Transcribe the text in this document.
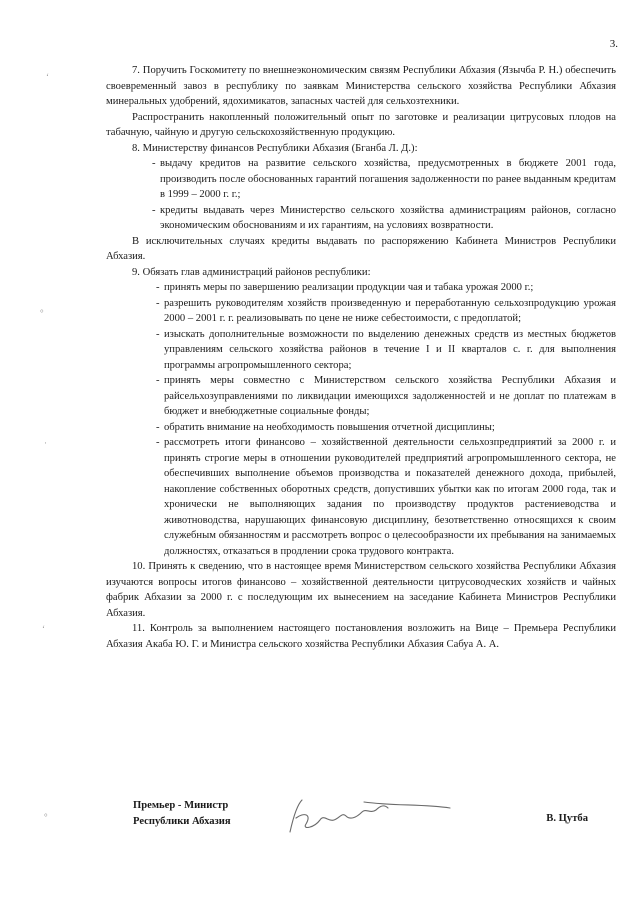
3.
‘
°
·
‘
°

7. Поручить Госкомитету по внешнеэкономическим связям Республики Абхазия (Язычба Р. Н.) обеспечить своевременный завоз в республику по заявкам Министерства сельского хозяйства Республики Абхазия минеральных удобрений, ядохимикатов, запасных частей для сельхозтехники.

Распространить накопленный положительный опыт по заготовке и реализации цитрусовых плодов на табачную, чайную и другую сельскохозяйственную продукцию.

8. Министерству финансов Республики Абхазия (Бганба Л. Д.):

- выдачу кредитов на развитие сельского хозяйства, предусмотренных в бюджете 2001 года, производить после обоснованных гарантий погашения задолженности по ранее выданным кредитам в 1999 – 2000 г. г.;
- кредиты выдавать через Министерство сельского хозяйства администрациям районов, согласно экономическим обоснованиям и их гарантиям, на условиях возвратности.

В исключительных случаях кредиты выдавать по распоряжению Кабинета Министров Республики Абхазия.

9. Обязать глав администраций районов республики:

- принять меры по завершению реализации продукции чая и табака урожая 2000 г.;
- разрешить руководителям хозяйств произведенную и переработанную сельхозпродукцию урожая 2000 – 2001 г. г. реализовывать по цене не ниже себестоимости, с предоплатой;
- изыскать дополнительные возможности по выделению денежных средств из местных бюджетов управлениям сельского хозяйства районов в течение I и II кварталов с. г. для выполнения программы агропромышленного сектора;
- принять меры совместно с Министерством сельского хозяйства Республики Абхазия и райсельхозуправлениями по ликвидации имеющихся задолженностей и не доплат по платежам в бюджет и внебюджетные социальные фонды;
- обратить внимание на необходимость повышения отчетной дисциплины;
- рассмотреть итоги финансово – хозяйственной деятельности сельхозпредприятий за 2000 г. и принять строгие меры в отношении руководителей предприятий агропромышленного сектора, не обеспечивших выполнение объемов производства и показателей денежного дохода, прибылей, накопление собственных оборотных средств, допустивших убытки как по итогам 2000 года, так и хронически не выполняющих задания по производству продуктов растениеводства и животноводства, нарушающих финансовую дисциплину, безответственно относящихся к своим служебным обязанностям и рассмотреть вопрос о целесообразности их пребывания на занимаемых должностях, отказаться в продлении срока трудового контракта.

10. Принять к сведению, что в настоящее время Министерством сельского хозяйства Республики Абхазия изучаются вопросы итогов финансово – хозяйственной деятельности цитрусоводческих хозяйств и чайных фабрик Абхазии за 2000 г. с последующим их вынесением на заседание Кабинета Министров Республики Абхазия.

11. Контроль за выполнением настоящего постановления возложить на Вице – Премьера Республики Абхазия Акаба Ю. Г. и Министра сельского хозяйства Республики Абхазия Сабуа А. А.

Премьер - Министр
Республики Абхазия	В. Цутба
